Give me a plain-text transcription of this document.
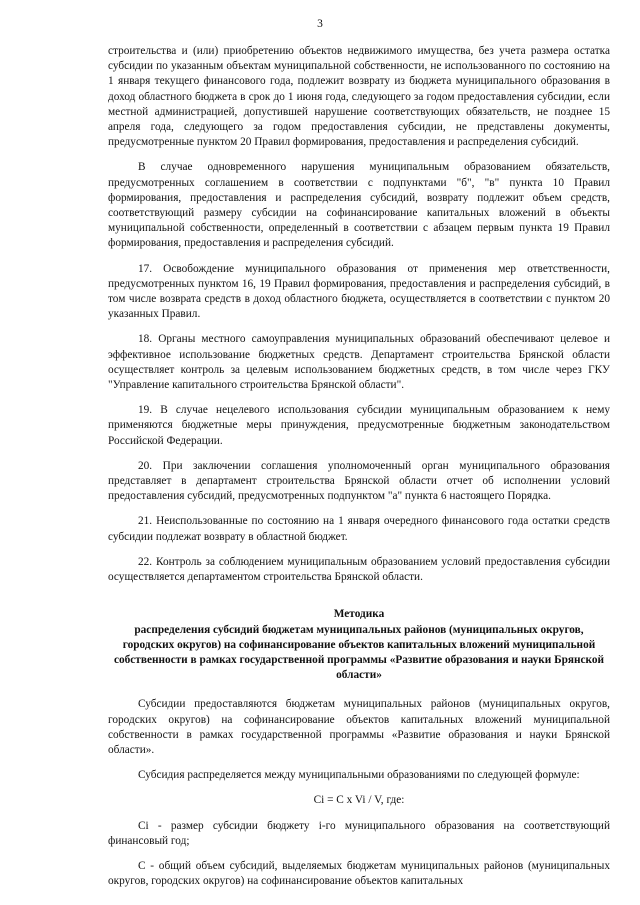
3

строительства и (или) приобретению объектов недвижимого имущества, без учета размера остатка субсидии по указанным объектам муниципальной собственности, не использованного по состоянию на 1 января текущего финансового года, подлежит возврату из бюджета муниципального образования в доход областного бюджета в срок до 1 июня года, следующего за годом предоставления субсидии, если местной администрацией, допустившей нарушение соответствующих обязательств, не позднее 15 апреля года, следующего за годом предоставления субсидии, не представлены документы, предусмотренные пунктом 20 Правил формирования, предоставления и распределения субсидий.

В случае одновременного нарушения муниципальным образованием обязательств, предусмотренных соглашением в соответствии с подпунктами "б", "в" пункта 10 Правил формирования, предоставления и распределения субсидий, возврату подлежит объем средств, соответствующий размеру субсидии на софинансирование капитальных вложений в объекты муниципальной собственности, определенный в соответствии с абзацем первым пункта 19 Правил формирования, предоставления и распределения субсидий.

17. Освобождение муниципального образования от применения мер ответственности, предусмотренных пунктом 16, 19 Правил формирования, предоставления и распределения субсидий, в том числе возврата средств в доход областного бюджета, осуществляется в соответствии с пунктом 20 указанных Правил.

18. Органы местного самоуправления муниципальных образований обеспечивают целевое и эффективное использование бюджетных средств. Департамент строительства Брянской области осуществляет контроль за целевым использованием бюджетных средств, в том числе через ГКУ "Управление капитального строительства Брянской области".

19. В случае нецелевого использования субсидии муниципальным образованием к нему применяются бюджетные меры принуждения, предусмотренные бюджетным законодательством Российской Федерации.

20. При заключении соглашения уполномоченный орган муниципального образования представляет в департамент строительства Брянской области отчет об исполнении условий предоставления субсидий, предусмотренных подпунктом "а" пункта 6 настоящего Порядка.

21. Неиспользованные по состоянию на 1 января очередного финансового года остатки средств субсидии подлежат возврату в областной бюджет.

22. Контроль за соблюдением муниципальным образованием условий предоставления субсидии осуществляется департаментом строительства Брянской области.

Методика
распределения субсидий бюджетам муниципальных районов (муниципальных округов, городских округов) на софинансирование объектов капитальных вложений муниципальной собственности в рамках государственной программы «Развитие образования и науки Брянской области»

Субсидии предоставляются бюджетам муниципальных районов (муниципальных округов, городских округов) на софинансирование объектов капитальных вложений муниципальной собственности в рамках государственной программы «Развитие образования и науки Брянской области».

Субсидия распределяется между муниципальными образованиями по следующей формуле:

Ci = C x Vi / V, где:

Ci - размер субсидии бюджету i-го муниципального образования на соответствующий финансовый год;

C - общий объем субсидий, выделяемых бюджетам муниципальных районов (муниципальных округов, городских округов) на софинансирование объектов капитальных
